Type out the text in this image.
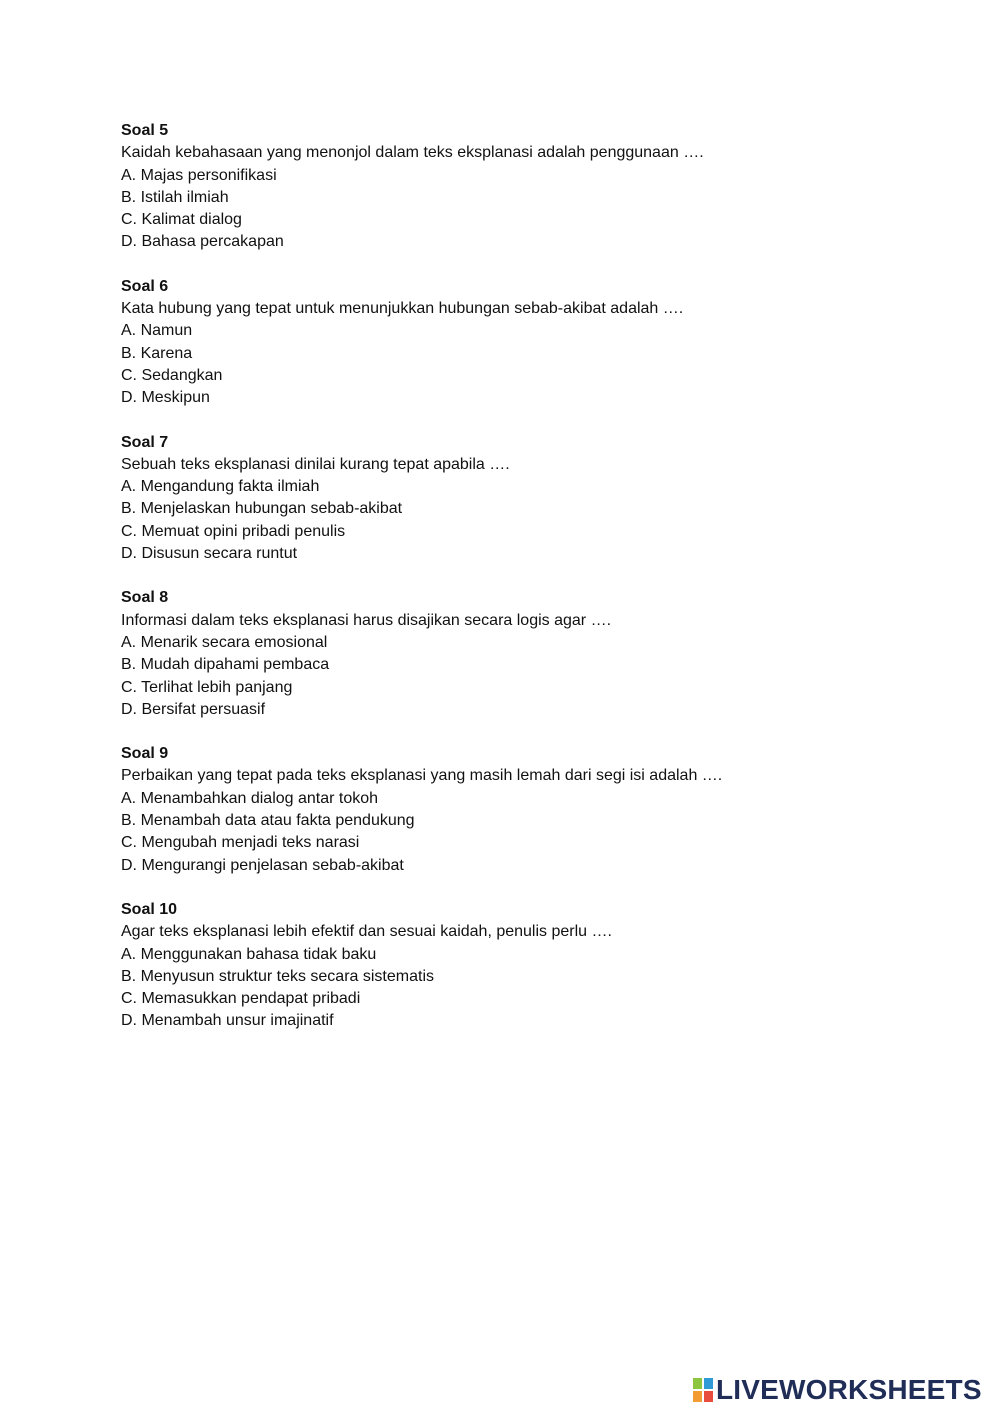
Soal 5

Kaidah kebahasaan yang menonjol dalam teks eksplanasi adalah penggunaan ….

A. Majas personifikasi

B. Istilah ilmiah

C. Kalimat dialog

D. Bahasa percakapan

Soal 6

Kata hubung yang tepat untuk menunjukkan hubungan sebab-akibat adalah ….

A. Namun

B. Karena

C. Sedangkan

D. Meskipun

Soal 7

Sebuah teks eksplanasi dinilai kurang tepat apabila ….

A. Mengandung fakta ilmiah

B. Menjelaskan hubungan sebab-akibat

C. Memuat opini pribadi penulis

D. Disusun secara runtut

Soal 8

Informasi dalam teks eksplanasi harus disajikan secara logis agar ….

A. Menarik secara emosional

B. Mudah dipahami pembaca

C. Terlihat lebih panjang

D. Bersifat persuasif

Soal 9

Perbaikan yang tepat pada teks eksplanasi yang masih lemah dari segi isi adalah ….

A. Menambahkan dialog antar tokoh

B. Menambah data atau fakta pendukung

C. Mengubah menjadi teks narasi

D. Mengurangi penjelasan sebab-akibat

Soal 10

Agar teks eksplanasi lebih efektif dan sesuai kaidah, penulis perlu ….

A. Menggunakan bahasa tidak baku

B. Menyusun struktur teks secara sistematis

C. Memasukkan pendapat pribadi

D. Menambah unsur imajinatif

LIVEWORKSHEETS
